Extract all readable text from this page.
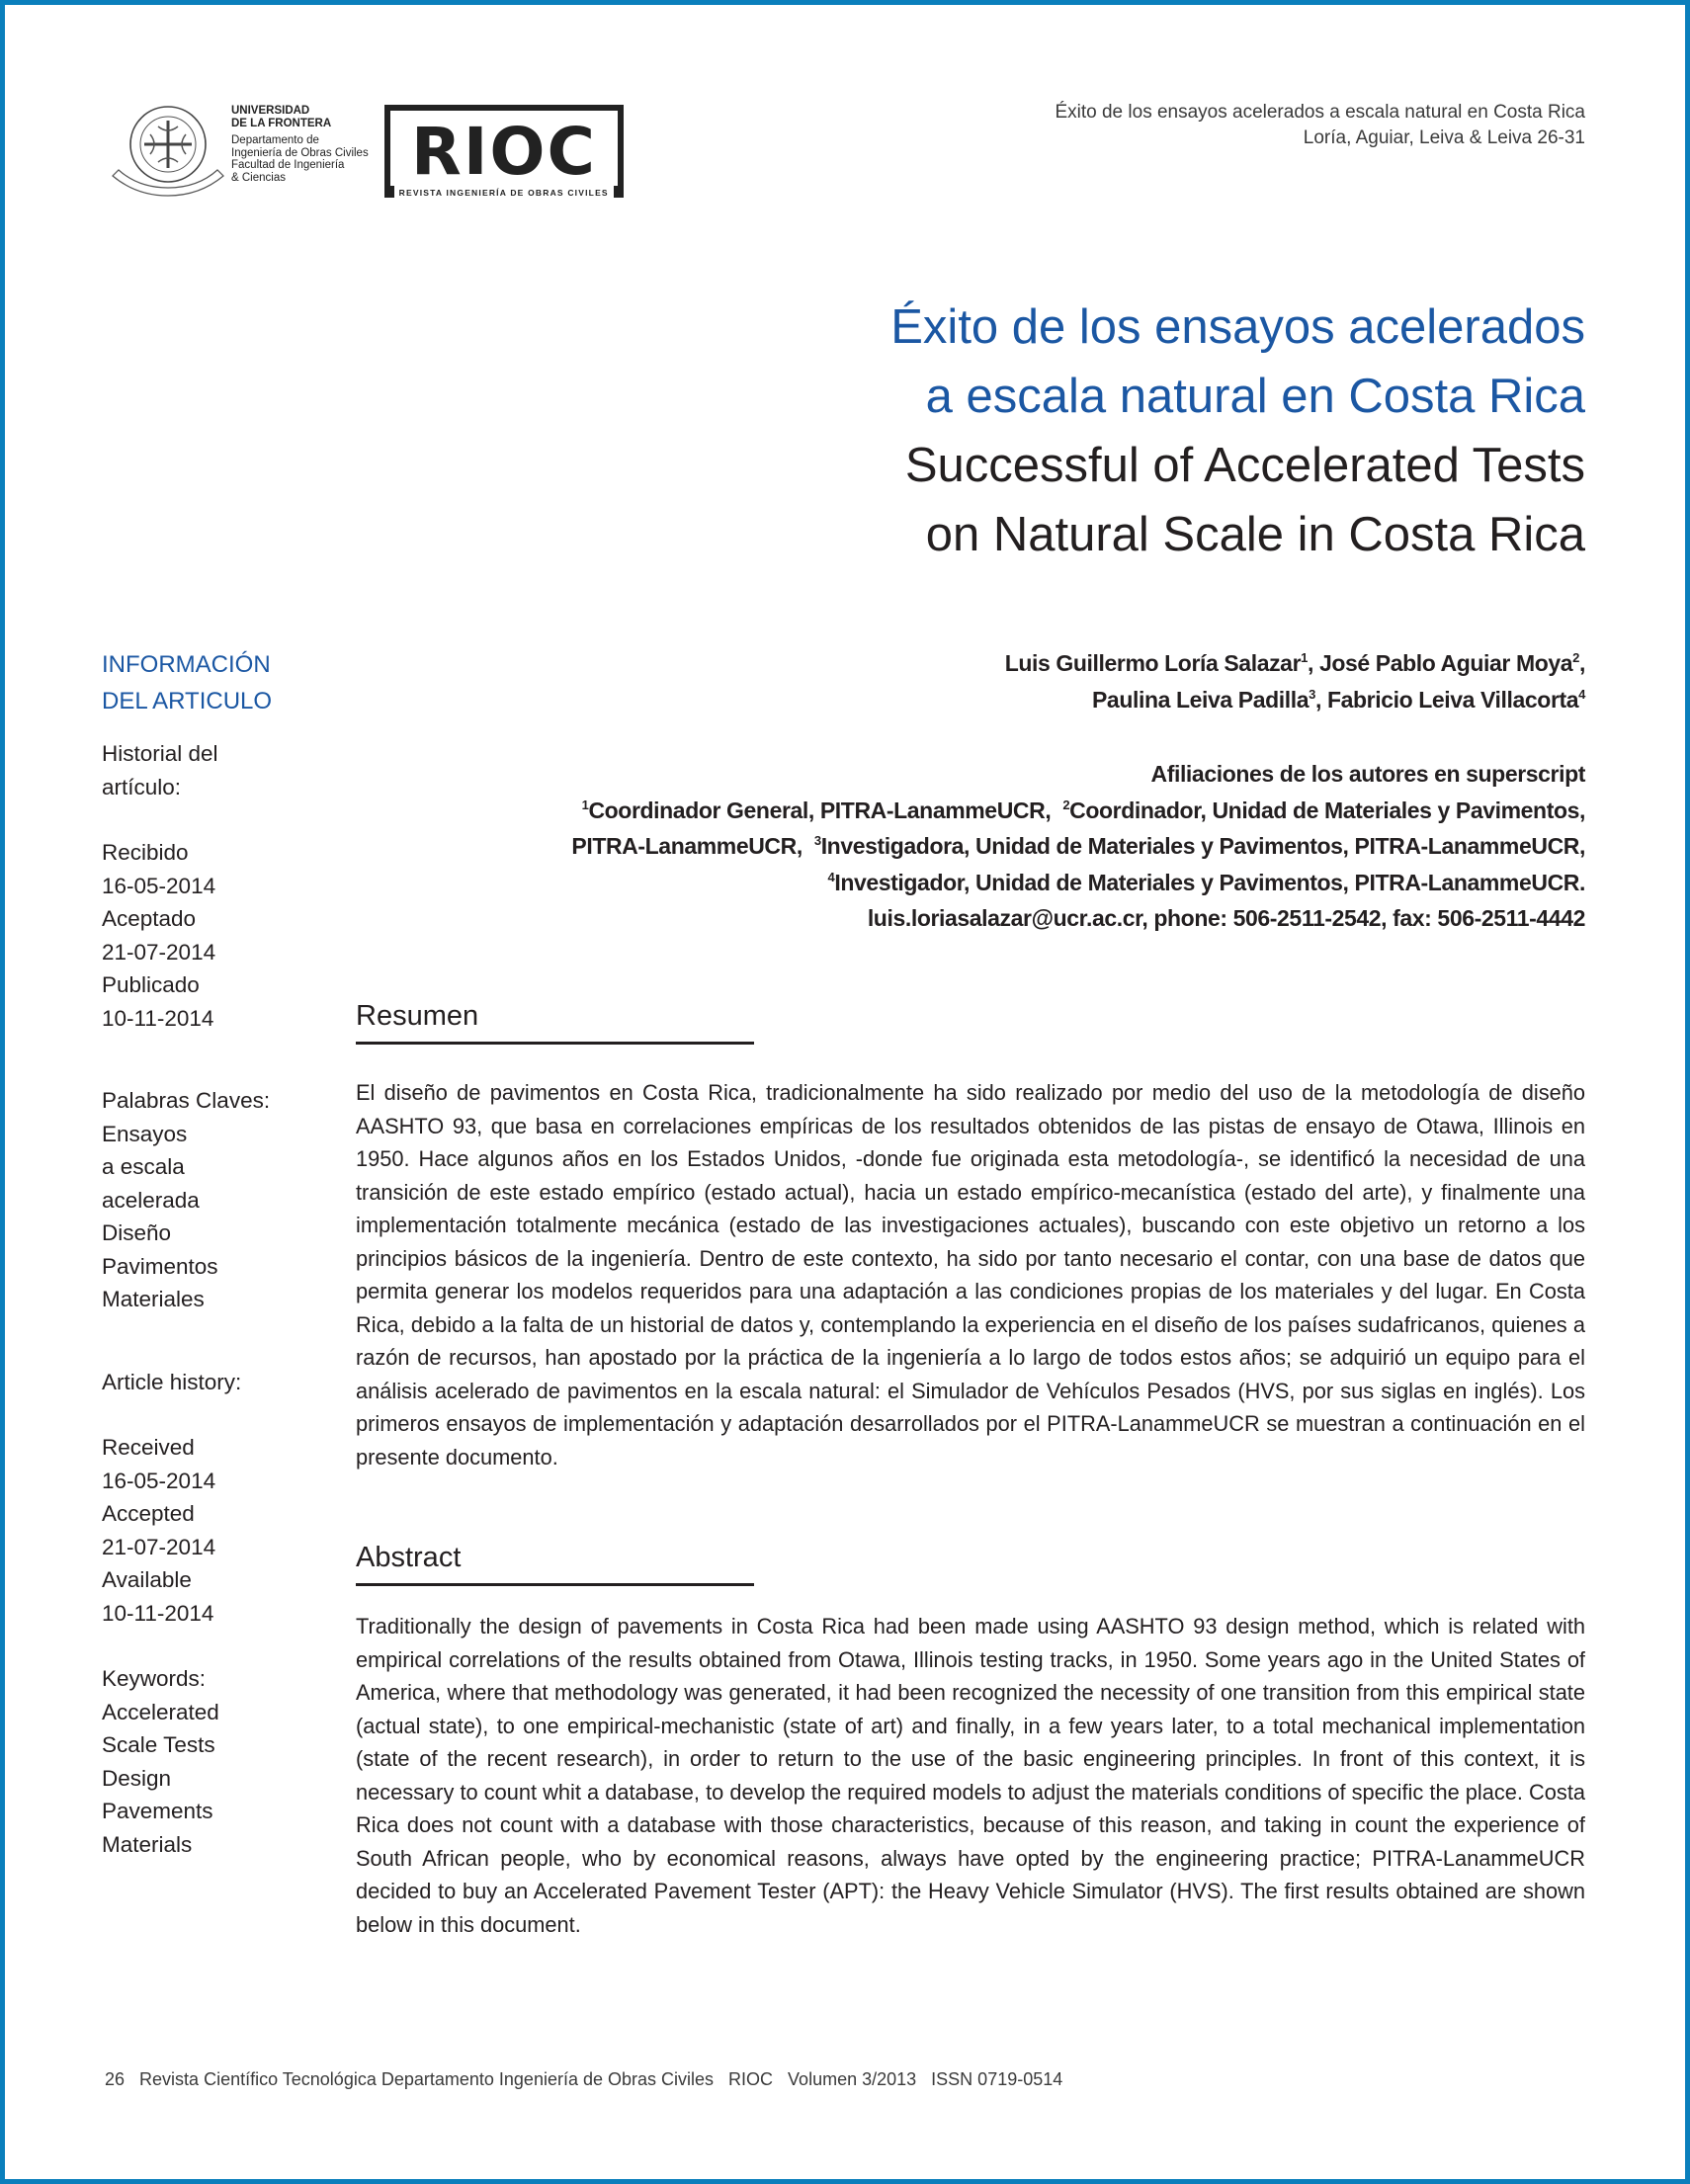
UNIVERSIDAD
DE LA FRONTERA
Departamento de
Ingeniería de Obras Civiles
Facultad de Ingeniería
& Ciencias	RIOC
REVISTA INGENIERÍA DE OBRAS CIVILES
Éxito de los ensayos acelerados a escala natural en Costa Rica
Loría, Aguiar, Leiva & Leiva 26-31
Éxito de los ensayos acelerados
a escala natural en Costa Rica
Successful of Accelerated Tests
on Natural Scale in Costa Rica
Luis Guillermo Loría Salazar$^1$, José Pablo Aguiar Moya$^2$,
Paulina Leiva Padilla$^3$, Fabricio Leiva Villacorta$^4$
Afiliaciones de los autores en superscript
$^1$Coordinador General, PITRA-LanammeUCR, $^2$Coordinador, Unidad de Materiales y Pavimentos,
PITRA-LanammeUCR, $^3$Investigadora, Unidad de Materiales y Pavimentos, PITRA-LanammeUCR,
$^4$Investigador, Unidad de Materiales y Pavimentos, PITRA-LanammeUCR.
luis.loriasalazar@ucr.ac.cr, phone: 506-2511-2542, fax: 506-2511-4442
INFORMACIÓN
DEL ARTICULO
Historial del
artículo:
Recibido
16-05-2014
Aceptado
21-07-2014
Publicado
10-11-2014
Palabras Claves:
Ensayos
a escala
acelerada
Diseño
Pavimentos
Materiales
Article history:
Received
16-05-2014
Accepted
21-07-2014
Available
10-11-2014
Keywords:
Accelerated
Scale Tests
Design
Pavements
Materials
Resumen
El diseño de pavimentos en Costa Rica, tradicionalmente ha sido realizado por medio del uso de la metodología de diseño AASHTO 93, que basa en correlaciones empíricas de los resultados obtenidos de las pistas de ensayo de Otawa, Illinois en 1950. Hace algunos años en los Estados Unidos, -donde fue originada esta metodología-, se identificó la necesidad de una transición de este estado empírico (estado actual), hacia un estado empírico-mecanística (estado del arte), y finalmente una implementación totalmente mecánica (estado de las investigaciones actuales), buscando con este objetivo un retorno a los principios básicos de la ingeniería. Dentro de este contexto, ha sido por tanto necesario el contar, con una base de datos que permita generar los modelos requeridos para una adaptación a las condiciones propias de los materiales y del lugar. En Costa Rica, debido a la falta de un historial de datos y, contemplando la experiencia en el diseño de los países sudafricanos, quienes a razón de recursos, han apostado por la práctica de la ingeniería a lo largo de todos estos años; se adquirió un equipo para el análisis acelerado de pavimentos en la escala natural: el Simulador de Vehículos Pesados (HVS, por sus siglas en inglés). Los primeros ensayos de implementación y adaptación desarrollados por el PITRA-LanammeUCR se muestran a continuación en el presente documento.
Abstract
Traditionally the design of pavements in Costa Rica had been made using AASHTO 93 design method, which is related with empirical correlations of the results obtained from Otawa, Illinois testing tracks, in 1950. Some years ago in the United States of America, where that methodology was generated, it had been recognized the necessity of one transition from this empirical state (actual state), to one empirical-mechanistic (state of art) and finally, in a few years later, to a total mechanical implementation (state of the recent research), in order to return to the use of the basic engineering principles. In front of this context, it is necessary to count whit a database, to develop the required models to adjust the materials conditions of specific the place. Costa Rica does not count with a database with those characteristics, because of this reason, and taking in count the experience of South African people, who by economical reasons, always have opted by the engineering practice; PITRA-LanammeUCR decided to buy an Accelerated Pavement Tester (APT): the Heavy Vehicle Simulator (HVS). The first results obtained are shown below in this document.
26 Revista Científico Tecnológica Departamento Ingeniería de Obras Civiles RIOC Volumen 3/2013 ISSN 0719-0514
